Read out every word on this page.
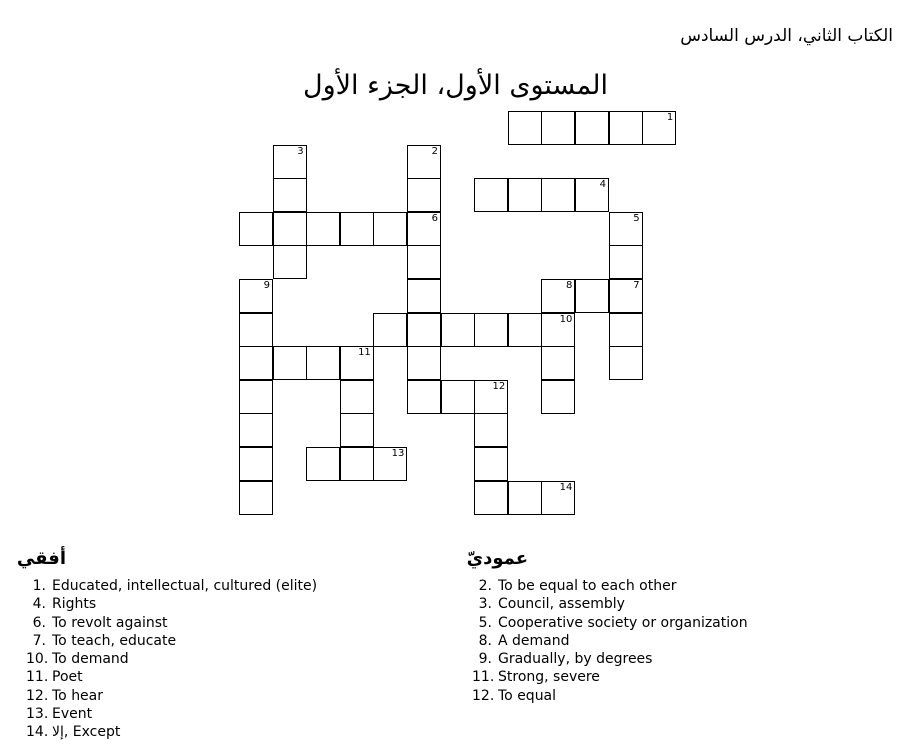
الكتاب الثاني، الدرس السادس
المستوى الأول، الجزء الأول
1
3	2
4
6	5
9	8	7
10
11
12
13
14
أفقي
1. Educated, intellectual, cultured (elite)
4. Rights
6. To revolt against
7. To teach, educate
10. To demand
11. Poet
12. To hear
13. Event
14. إلا, Except
عموديّ
2. To be equal to each other
3. Council, assembly
5. Cooperative society or organization
8. A demand
9. Gradually, by degrees
11. Strong, severe
12. To equal
